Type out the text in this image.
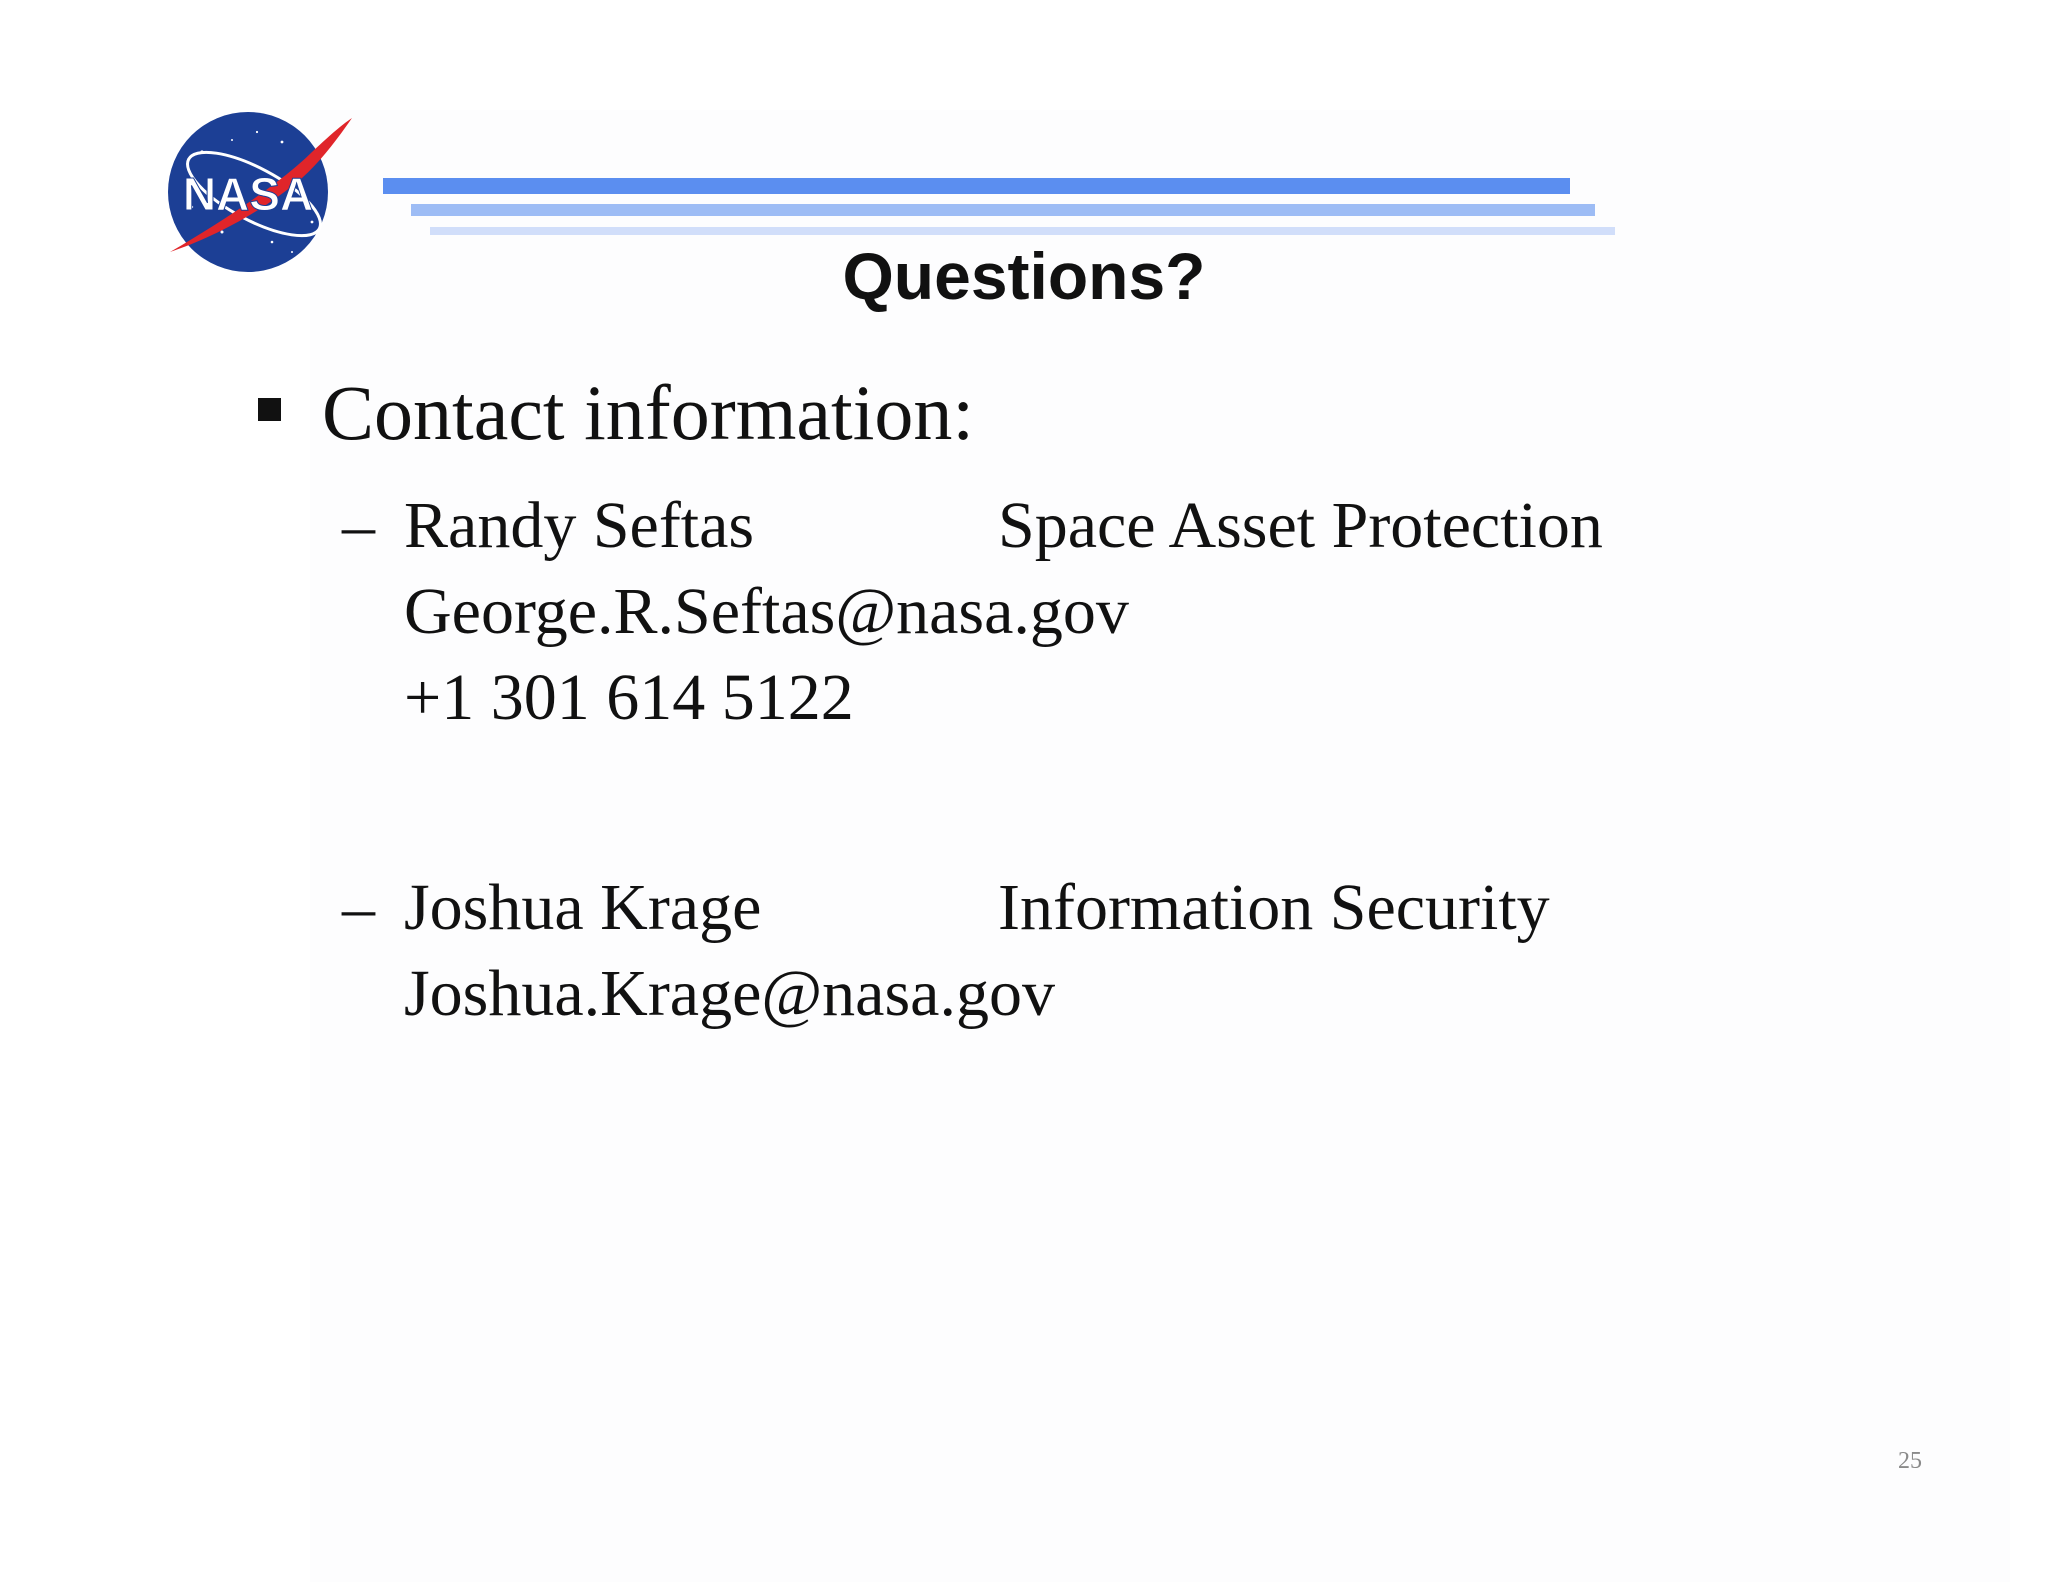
NASA
Questions?
Contact information:
– Randy Seftas	Space Asset Protection
George.R.Seftas@nasa.gov
+1 301 614 5122
– Joshua Krage	Information Security
Joshua.Krage@nasa.gov
25
